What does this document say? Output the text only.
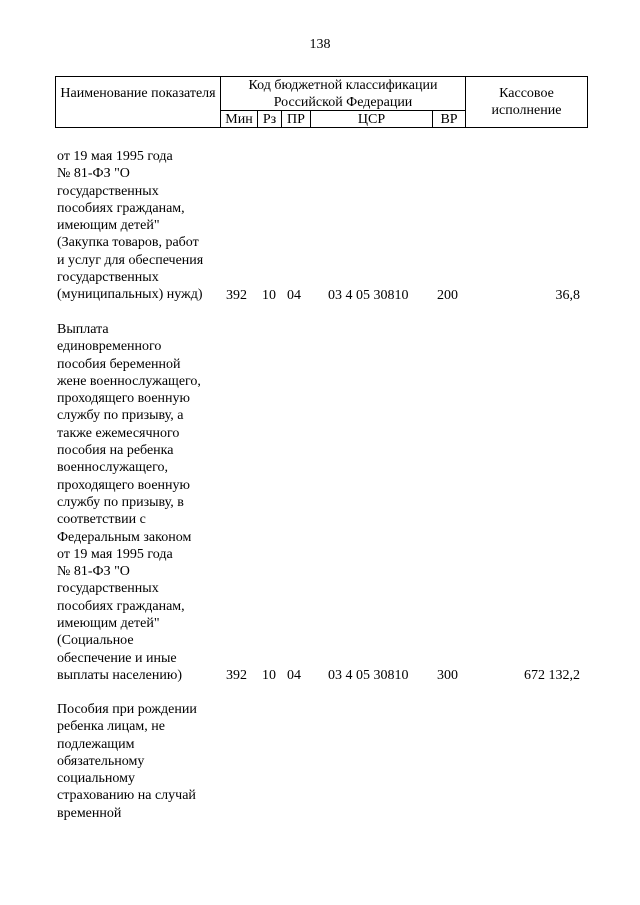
138
Наименование показателя
Код бюджетной классификации Российской Федерации
Мин Рз ПР	ЦСР	ВР
Кассовое исполнение
от 19 мая 1995 года
№ 81-ФЗ "О
государственных
пособиях гражданам,
имеющим детей"
(Закупка товаров, работ
и услуг для обеспечения
государственных
(муниципальных) нужд)	392 10 04 03 4 05 30810 200	36,8
Выплата
единовременного
пособия беременной
жене военнослужащего,
проходящего военную
службу по призыву, а
также ежемесячного
пособия на ребенка
военнослужащего,
проходящего военную
службу по призыву, в
соответствии с
Федеральным законом
от 19 мая 1995 года
№ 81-ФЗ "О
государственных
пособиях гражданам,
имеющим детей"
(Социальное
обеспечение и иные
выплаты населению)	392 10 04 03 4 05 30810 300	672 132,2
Пособия при рождении
ребенка лицам, не
подлежащим
обязательному
социальному
страхованию на случай
временной
